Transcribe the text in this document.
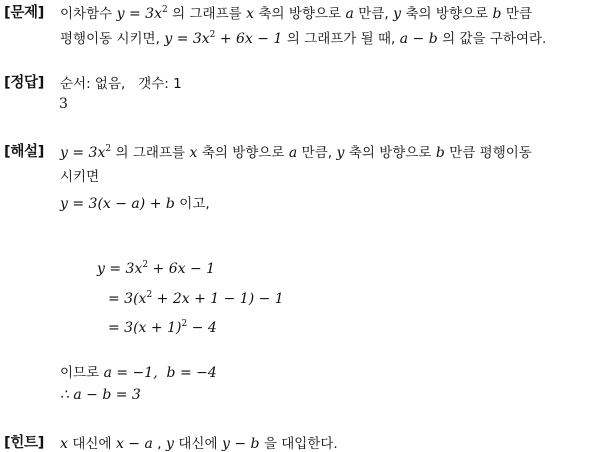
[문제] 이차함수 $y = 3x^2$ 의 그래프를 x 축의 방향으로 a 만큼, y 축의 방향으로 b 만큼
평행이동 시키면, $y = 3x^2 + 6x - 1$ 의 그래프가 될 때, a − b 의 값을 구하여라.
[정답] 순서: 없음,   갯수: 1
3
[해설] $y = 3x^2$ 의 그래프를 x 축의 방향으로 a 만큼, y 축의 방향으로 b 만큼 평행이동
시키면
y = 3(x − a) + b 이고,
$y = 3x^2 + 6x - 1$
= $3(x^2 + 2x + 1 - 1) - 1$
= $3(x + 1)^2 - 4$
이므로 a = −1,  b = −4
∴ a − b = 3
[힌트] x 대신에 x − a , y 대신에 y − b 을 대입한다.
